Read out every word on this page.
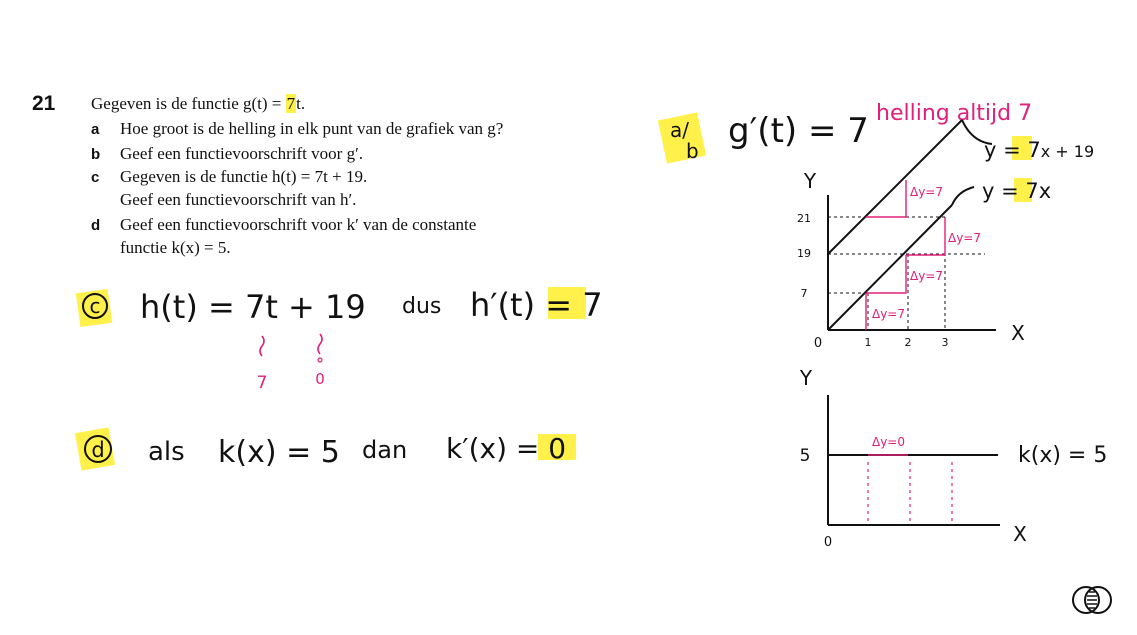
21 Gegeven is de functie g(t) = 7t.
a Hoe groot is de helling in elk punt van de grafiek van g?
b Geef een functievoorschrift voor g′.
c Gegeven is de functie h(t) = 7t + 19.
Geef een functievoorschrift van h′.
d Geef een functievoorschrift voor k′ van de constante
functie k(x) = 5.
c h(t) = 7t + 19 dus h′(t) = 7
7	0
d als k(x) = 5 dan k′(x) = 0
a/
b g′(t) = 7 helling altijd 7
Y
X
0
21
19
7
1	2	3
y = 7x + 19
y = 7x
Δy=7
Δy=7
Δy=7
Δy=7
Y
X
0
5
Δy=0
k(x) = 5
